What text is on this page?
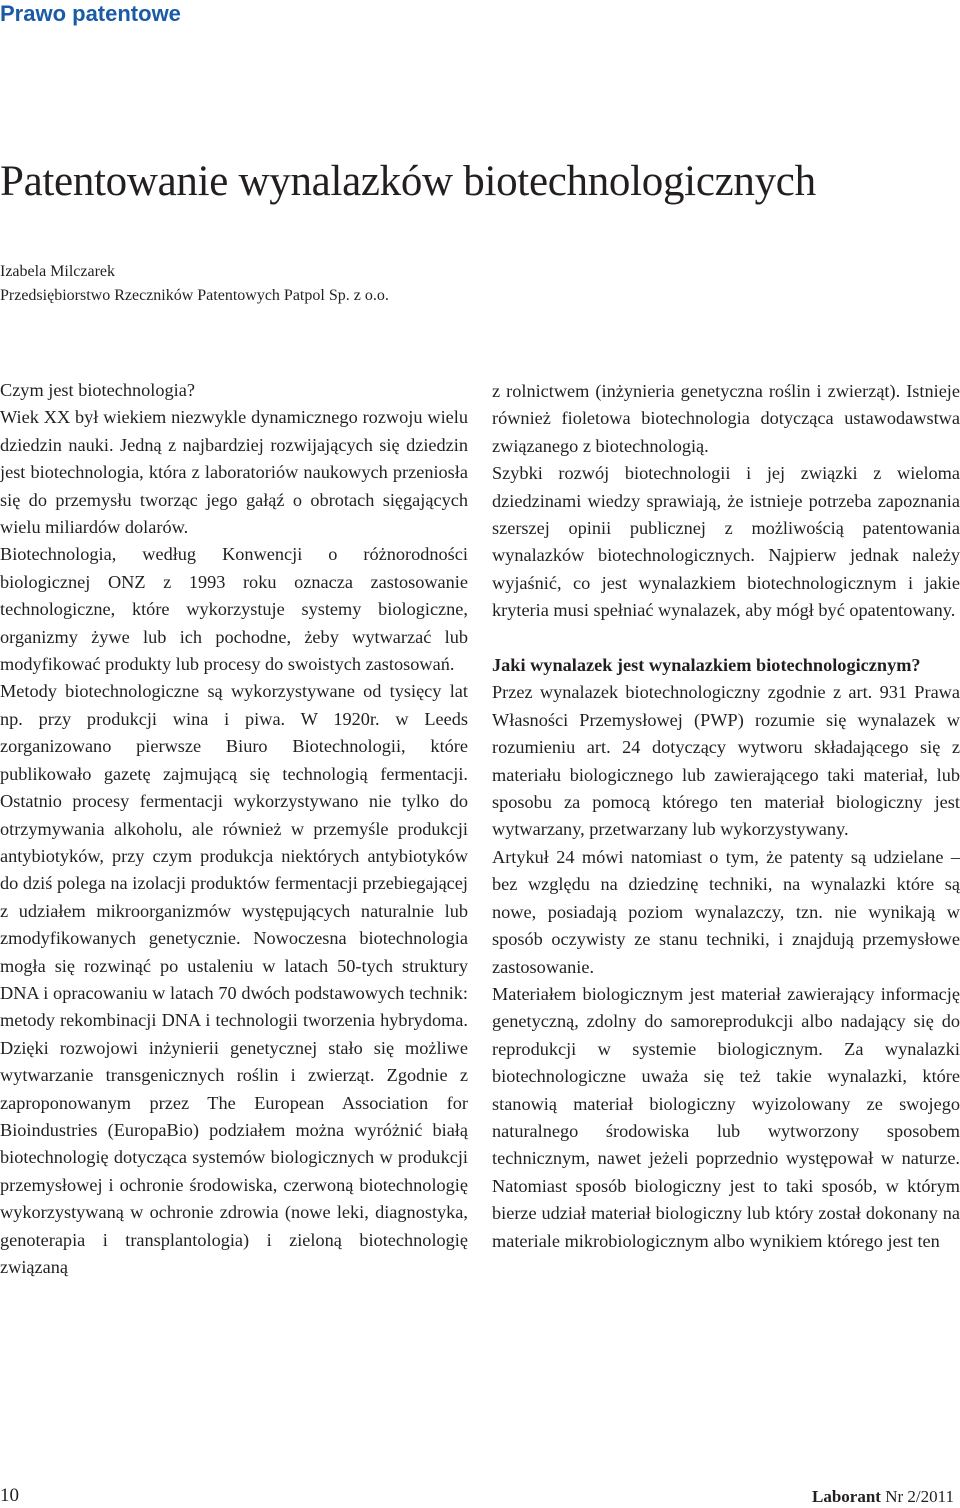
Prawo patentowe
Patentowanie wynalazków biotechnologicznych
Izabela Milczarek
Przedsiębiorstwo Rzeczników Patentowych Patpol Sp. z o.o.

Czym jest biotechnologia?

Wiek XX był wiekiem niezwykle dynamicznego rozwoju wielu dziedzin nauki. Jedną z najbardziej rozwijających się dziedzin jest biotechnologia, która z laboratoriów naukowych przeniosła się do przemysłu tworząc jego gałąź o obrotach sięgających wielu miliardów dolarów.

Biotechnologia, według Konwencji o różnorodności biologicznej ONZ z 1993 roku oznacza zastosowanie technologiczne, które wykorzystuje systemy biologiczne, organizmy żywe lub ich pochodne, żeby wytwarzać lub modyfikować produkty lub procesy do swoistych zastosowań.

Metody biotechnologiczne są wykorzystywane od tysięcy lat np. przy produkcji wina i piwa. W 1920r. w Leeds zorganizowano pierwsze Biuro Biotechnologii, które publikowało gazetę zajmującą się technologią fermentacji. Ostatnio procesy fermentacji wykorzystywano nie tylko do otrzymywania alkoholu, ale również w przemyśle produkcji antybiotyków, przy czym produkcja niektórych antybiotyków do dziś polega na izolacji produktów fermentacji przebiegającej z udziałem mikroorganizmów występujących naturalnie lub zmodyfikowanych genetycznie. Nowoczesna biotechnologia mogła się rozwinąć po ustaleniu w latach 50-tych struktury DNA i opracowaniu w latach 70 dwóch podstawowych technik: metody rekombinacji DNA i technologii tworzenia hybrydoma. Dzięki rozwojowi inżynierii genetycznej stało się możliwe wytwarzanie transgenicznych roślin i zwierząt. Zgodnie z zaproponowanym przez The European Association for Bioindustries (EuropaBio) podziałem można wyróżnić białą biotechnologię dotycząca systemów biologicznych w produkcji przemysłowej i ochronie środowiska, czerwoną biotechnologię wykorzystywaną w ochronie zdrowia (nowe leki, diagnostyka, genoterapia i transplantologia) i zieloną biotechnologię związaną

z rolnictwem (inżynieria genetyczna roślin i zwierząt). Istnieje również fioletowa biotechnologia dotycząca ustawodawstwa związanego z biotechnologią.

Szybki rozwój biotechnologii i jej związki z wieloma dziedzinami wiedzy sprawiają, że istnieje potrzeba zapoznania szerszej opinii publicznej z możliwością patentowania wynalazków biotechnologicznych. Najpierw jednak należy wyjaśnić, co jest wynalazkiem biotechnologicznym i jakie kryteria musi spełniać wynalazek, aby mógł być opatentowany.

Jaki wynalazek jest wynalazkiem biotechnologicznym?

Przez wynalazek biotechnologiczny zgodnie z art. 931 Prawa Własności Przemysłowej (PWP) rozumie się wynalazek w rozumieniu art. 24 dotyczący wytworu składającego się z materiału biologicznego lub zawierającego taki materiał, lub sposobu za pomocą którego ten materiał biologiczny jest wytwarzany, przetwarzany lub wykorzystywany.

Artykuł 24 mówi natomiast o tym, że patenty są udzielane – bez względu na dziedzinę techniki, na wynalazki które są nowe, posiadają poziom wynalazczy, tzn. nie wynikają w sposób oczywisty ze stanu techniki, i znajdują przemysłowe zastosowanie.

Materiałem biologicznym jest materiał zawierający informację genetyczną, zdolny do samoreprodukcji albo nadający się do reprodukcji w systemie biologicznym. Za wynalazki biotechnologiczne uważa się też takie wynalazki, które stanowią materiał biologiczny wyizolowany ze swojego naturalnego środowiska lub wytworzony sposobem technicznym, nawet jeżeli poprzednio występował w naturze. Natomiast sposób biologiczny jest to taki sposób, w którym bierze udział materiał biologiczny lub który został dokonany na materiale mikrobiologicznym albo wynikiem którego jest ten

10	Laborant Nr 2/2011
